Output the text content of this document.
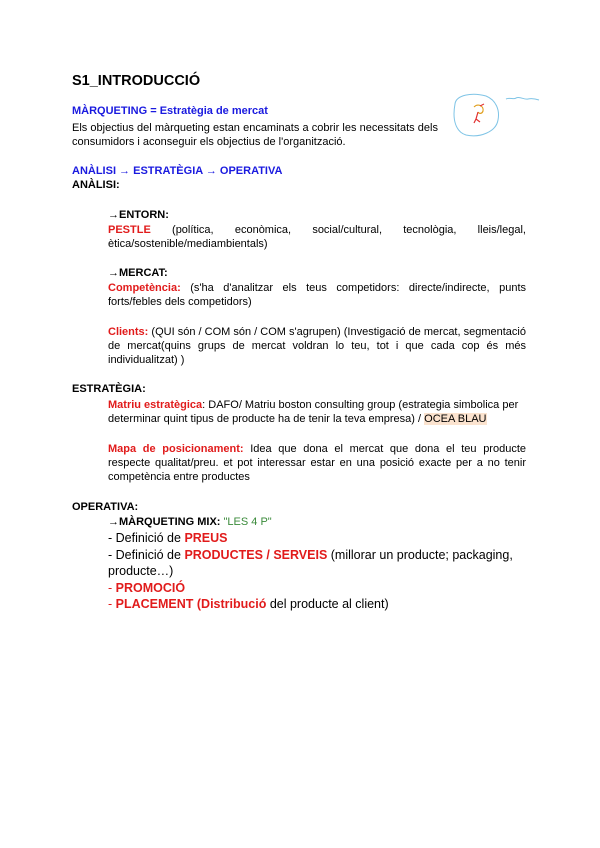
S1_INTRODUCCIÓ
MÀRQUETING = Estratègia de mercat
Els objectius del màrqueting estan encaminats a cobrir les necessitats dels consumidors i aconseguir els objectius de l'organització.
ANÀLISI → ESTRATÈGIA → OPERATIVA
ANÀLISI:
→ENTORN:
PESTLE (política, econòmica, social/cultural, tecnològia, lleis/legal, ètica/sostenible/mediambientals)
→MERCAT:
Competència: (s'ha d'analitzar els teus competidors: directe/indirecte, punts forts/febles dels competidors)
Clients: (QUI són / COM són / COM s'agrupen) (Investigació de mercat, segmentació de mercat(quins grups de mercat voldran lo teu, tot i que cada cop és més individualitzat) )
ESTRATÈGIA:
Matriu estratègica: DAFO/ Matriu boston consulting group (estrategia simbolica per determinar quint tipus de producte ha de tenir la teva empresa) / OCEA BLAU
Mapa de posicionament: Idea que dona el mercat que dona el teu producte respecte qualitat/preu. et pot interessar estar en una posició exacte per a no tenir competència entre productes
OPERATIVA:
→MÀRQUETING MIX: "LES 4 P"
- Definició de PREUS
- Definició de PRODUCTES / SERVEIS (millorar un producte; packaging, producte…)
- PROMOCIÓ
- PLACEMENT (Distribució del producte al client)
